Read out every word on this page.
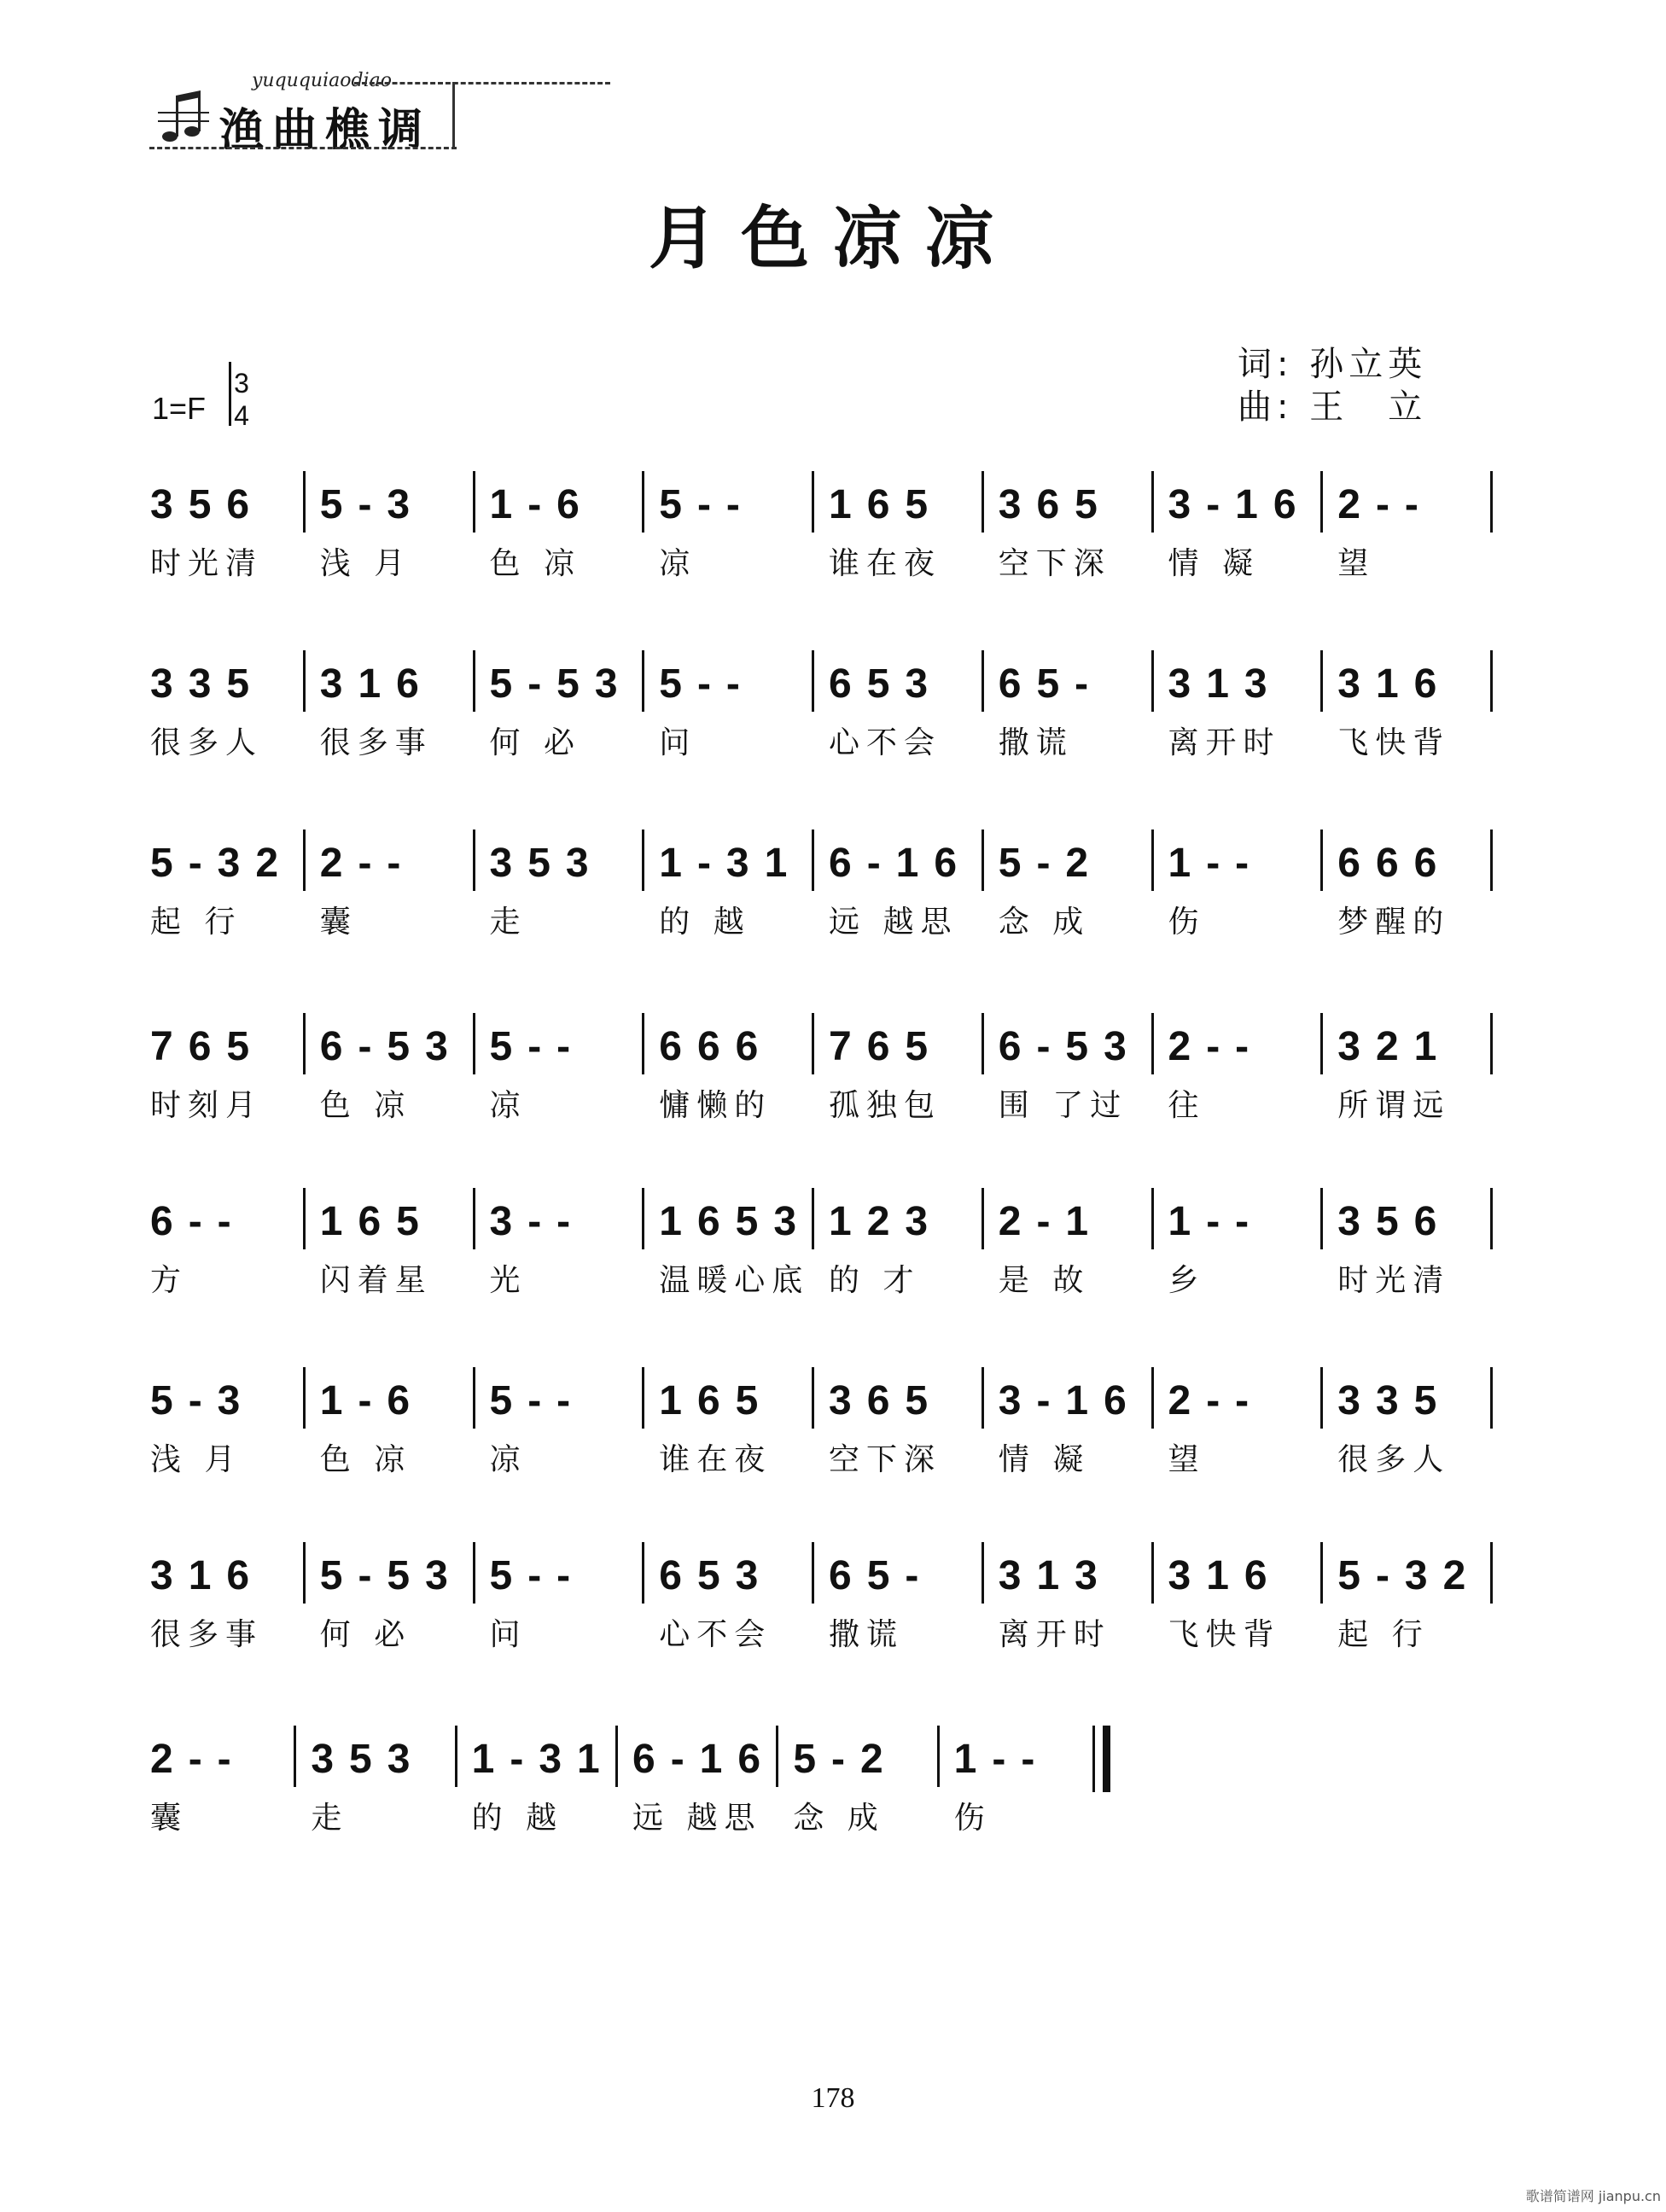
yuququiaodiao
渔曲樵调
月色凉凉
词: 孙立英
曲: 王　立
1=F
3
4
356
时光清
5-3
浅 月
1-6
色 凉
5--
凉
165
谁在夜
365
空下深
3-16
情 凝
2--
望
335
很多人
316
很多事
5-53
何 必
5--
问
653
心不会
65-
撒谎
313
离开时
316
飞快背
5-32
起 行
2--
囊
353
走
1-31
的 越
6-16
远 越思
5-2
念 成
1--
伤
666
梦醒的
765
时刻月
6-53
色 凉
5--
凉
666
慵懒的
765
孤独包
6-53
围 了过
2--
往
321
所谓远
6--
方
165
闪着星
3--
光
1653
温暖心底
123
的 才
2-1
是 故
1--
乡
356
时光清
5-3
浅 月
1-6
色 凉
5--
凉
165
谁在夜
365
空下深
3-16
情 凝
2--
望
335
很多人
316
很多事
5-53
何 必
5--
问
653
心不会
65-
撒谎
313
离开时
316
飞快背
5-32
起 行
2--
囊
353
走
1-31
的 越
6-16
远 越思
5-2
念 成
1--
伤
178
歌谱简谱网 jianpu.cn
